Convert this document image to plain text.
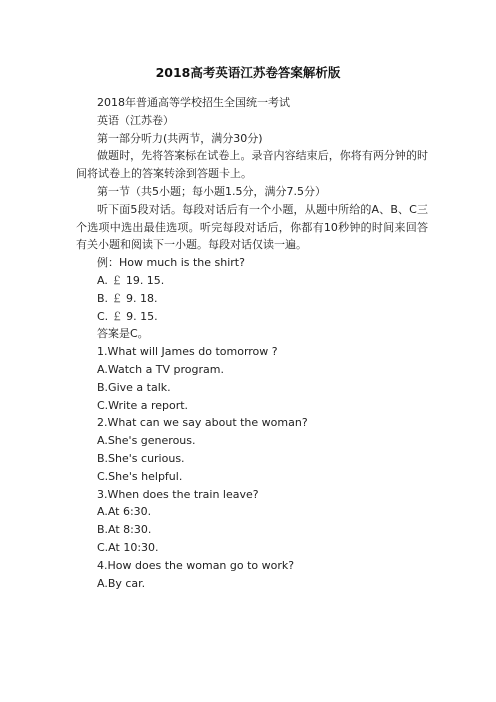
2018高考英语江苏卷答案解析版

2018年普通高等学校招生全国统一考试

英语（江苏卷）

第一部分听力(共两节，满分30分)

做题时，先将答案标在试卷上。录音内容结束后，你将有两分钟的时间将试卷上的答案转涂到答题卡上。

第一节（共5小题；每小题1.5分，满分7.5分）

听下面5段对话。每段对话后有一个小题，从题中所给的A、B、C三个选项中选出最佳选项。听完每段对话后，你都有10秒钟的时间来回答有关小题和阅读下一小题。每段对话仅读一遍。

例：How much is the shirt?

A. ￡ 19. 15.

B. ￡ 9. 18.

C. ￡ 9. 15.

答案是C。

1.What will James do tomorrow ?

A.Watch a TV program.

B.Give a talk.

C.Write a report.

2.What can we say about the woman?

A.She's generous.

B.She's curious.

C.She's helpful.

3.When does the train leave?

A.At 6:30.

B.At 8:30.

C.At 10:30.

4.How does the woman go to work?

A.By car.
